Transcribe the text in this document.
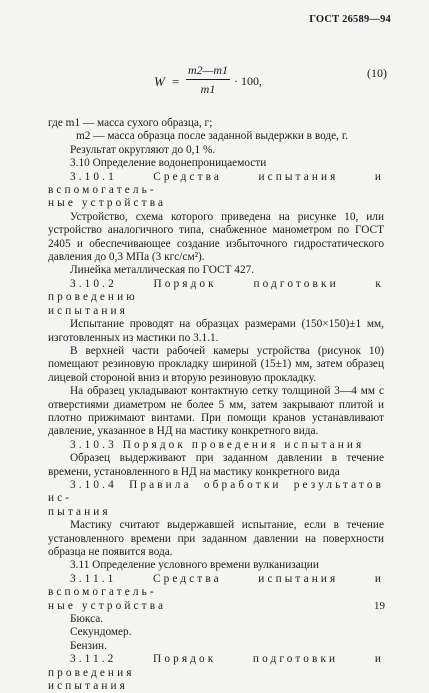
ГОСТ 26589—94
W =
m2—m1
m1
· 100,
(10)

где m1 — масса сухого образца, г;

m2 — масса образца после заданной выдержки в воде, г.

Результат округляют до 0,1 %.

3.10 Определение водонепроницаемости

3.10.1 Средства испытания и вспомогатель-

ные устройства

Устройство, схема которого приведена на рисунке 10, или устройство аналогичного типа, снабженное манометром по ГОСТ 2405 и обеспечивающее создание избыточного гидростатического давления до 0,3 МПа (3 кгс/см²).

Линейка металлическая по ГОСТ 427.

3.10.2 Порядок подготовки к проведению

испытания

Испытание проводят на образцах размерами (150×150)±1 мм, изготовленных из мастики по 3.1.1.

В верхней части рабочей камеры устройства (рисунок 10) помещают резиновую прокладку шириной (15±1) мм, затем образец лицевой стороной вниз и вторую резиновую прокладку.

На образец укладывают контактную сетку толщиной 3—4 мм с отверстиями диаметром не более 5 мм, затем закрывают плитой и плотно прижимают винтами. При помощи кранов устанавливают давление, указанное в НД на мастику конкретного вида.

3.10.3 Порядок проведения испытания

Образец выдерживают при заданном давлении в течение времени, установленного в НД на мастику конкретного вида

3.10.4 Правила обработки результатов ис-

пытания

Мастику считают выдержавшей испытание, если в течение установленного времени при заданном давлении на поверхности образца не появится вода.

3.11 Определение условного времени вулканизации

3.11.1 Средства испытания и вспомогатель-

ные устройства

Бюкса.

Секундомер.

Бензин.

3.11.2 Порядок подготовки и проведения

испытания

19
